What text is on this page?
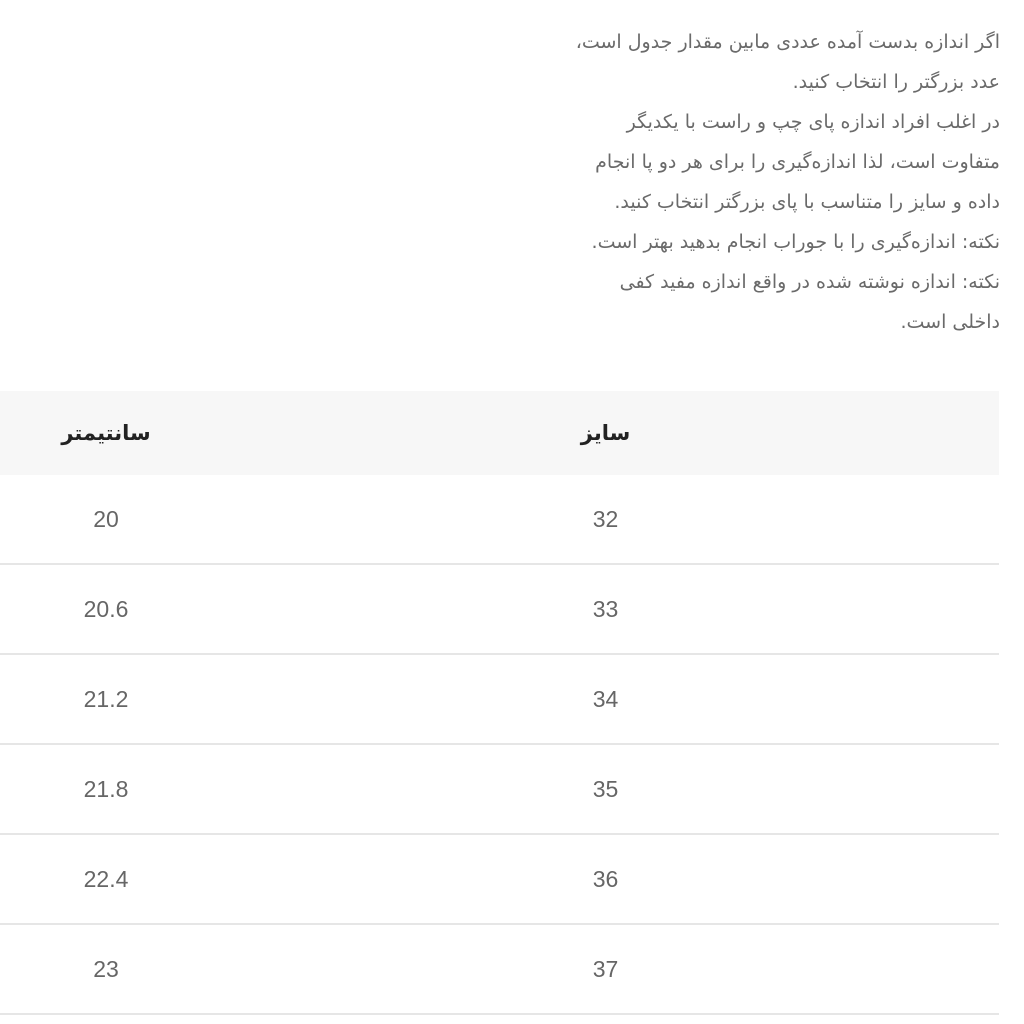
اگر اندازه بدست آمده عددی مابین مقدار جدول است،
عدد بزرگتر را انتخاب کنید.
در اغلب افراد اندازه پای چپ و راست با یکدیگر
متفاوت است، لذا اندازه‌گیری را برای هر دو پا انجام
داده و سایز را متناسب با پای بزرگتر انتخاب کنید.
نکته: اندازه‌گیری را با جوراب انجام بدهید بهتر است.
نکته: اندازه نوشته شده در واقع اندازه مفید کفی
داخلی است.
سانتیمتر	سایز
20	32
20.6	33
21.2	34
21.8	35
22.4	36
23	37
